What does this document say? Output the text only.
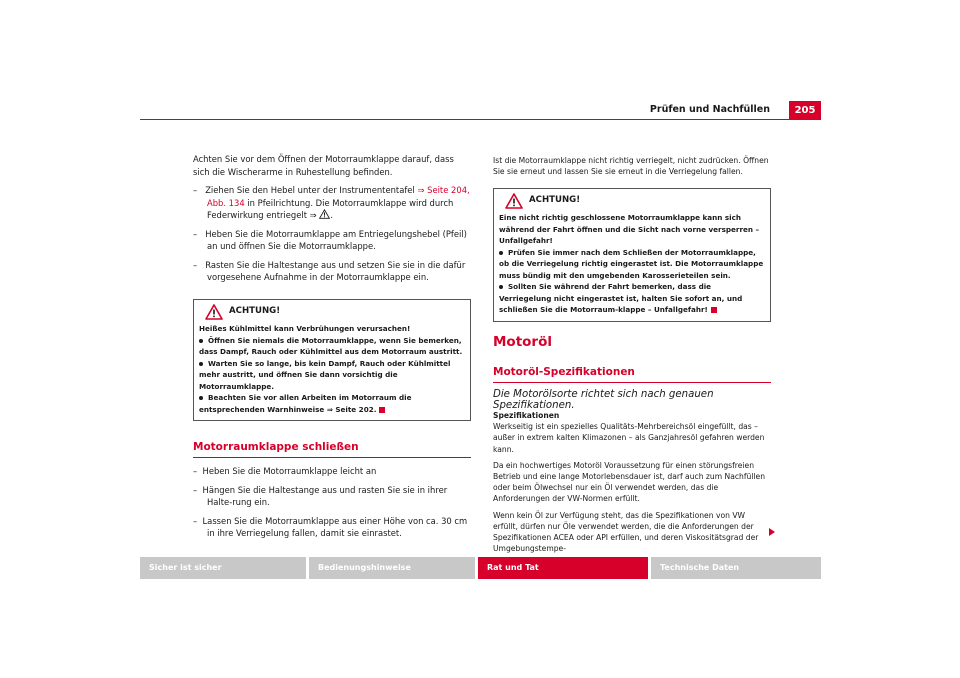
Prüfen und Nachfüllen	205

Achten Sie vor dem Öffnen der Motorraumklappe darauf, dass sich die Wischerarme in Ruhestellung befinden.

– Ziehen Sie den Hebel unter der Instrumententafel ⇒ Seite 204, Abb. 134 in Pfeilrichtung. Die Motorraumklappe wird durch Federwirkung entriegelt ⇒ .

– Heben Sie die Motorraumklappe am Entriegelungshebel (Pfeil) an und öffnen Sie die Motorraumklappe.

– Rasten Sie die Haltestange aus und setzen Sie sie in die dafür vorgesehene Aufnahme in der Motorraumklappe ein.

ACHTUNG!
Heißes Kühlmittel kann Verbrühungen verursachen!
Öffnen Sie niemals die Motorraumklappe, wenn Sie bemerken, dass Dampf, Rauch oder Kühlmittel aus dem Motorraum austritt.
Warten Sie so lange, bis kein Dampf, Rauch oder Kühlmittel mehr austritt, und öffnen Sie dann vorsichtig die Motorraumklappe.
Beachten Sie vor allen Arbeiten im Motorraum die entsprechenden Warnhinweise ⇒ Seite 202.
Motorraumklappe schließen

– Heben Sie die Motorraumklappe leicht an

– Hängen Sie die Haltestange aus und rasten Sie sie in ihrer Halte-rung ein.

– Lassen Sie die Motorraumklappe aus einer Höhe von ca. 30 cm in ihre Verriegelung fallen, damit sie einrastet.

Ist die Motorraumklappe nicht richtig verriegelt, nicht zudrücken. Öffnen Sie sie erneut und lassen Sie sie erneut in die Verriegelung fallen.
ACHTUNG!
Eine nicht richtig geschlossene Motorraumklappe kann sich während der Fahrt öffnen und die Sicht nach vorne versperren – Unfallgefahr!
Prüfen Sie immer nach dem Schließen der Motorraumklappe, ob die Verriegelung richtig eingerastet ist. Die Motorraumklappe muss bündig mit den umgebenden Karosserieteilen sein.
Sollten Sie während der Fahrt bemerken, dass die Verriegelung nicht eingerastet ist, halten Sie sofort an, und schließen Sie die Motorraum-klappe – Unfallgefahr!
Motoröl
Motoröl-Spezifikationen
Die Motorölsorte richtet sich nach genauen Spezifikationen.
Spezifikationen

Werkseitig ist ein spezielles Qualitäts-Mehrbereichsöl eingefüllt, das – außer in extrem kalten Klimazonen – als Ganzjahresöl gefahren werden kann.

Da ein hochwertiges Motoröl Voraussetzung für einen störungsfreien Betrieb und eine lange Motorlebensdauer ist, darf auch zum Nachfüllen oder beim Ölwechsel nur ein Öl verwendet werden, das die Anforderungen der VW-Normen erfüllt.

Wenn kein Öl zur Verfügung steht, das die Spezifikationen von VW erfüllt, dürfen nur Öle verwendet werden, die die Anforderungen der Spezifikationen ACEA oder API erfüllen, und deren Viskositätsgrad der Umgebungstempe-

Sicher ist sicher	Bedienungshinweise	Rat und Tat	Technische Daten
